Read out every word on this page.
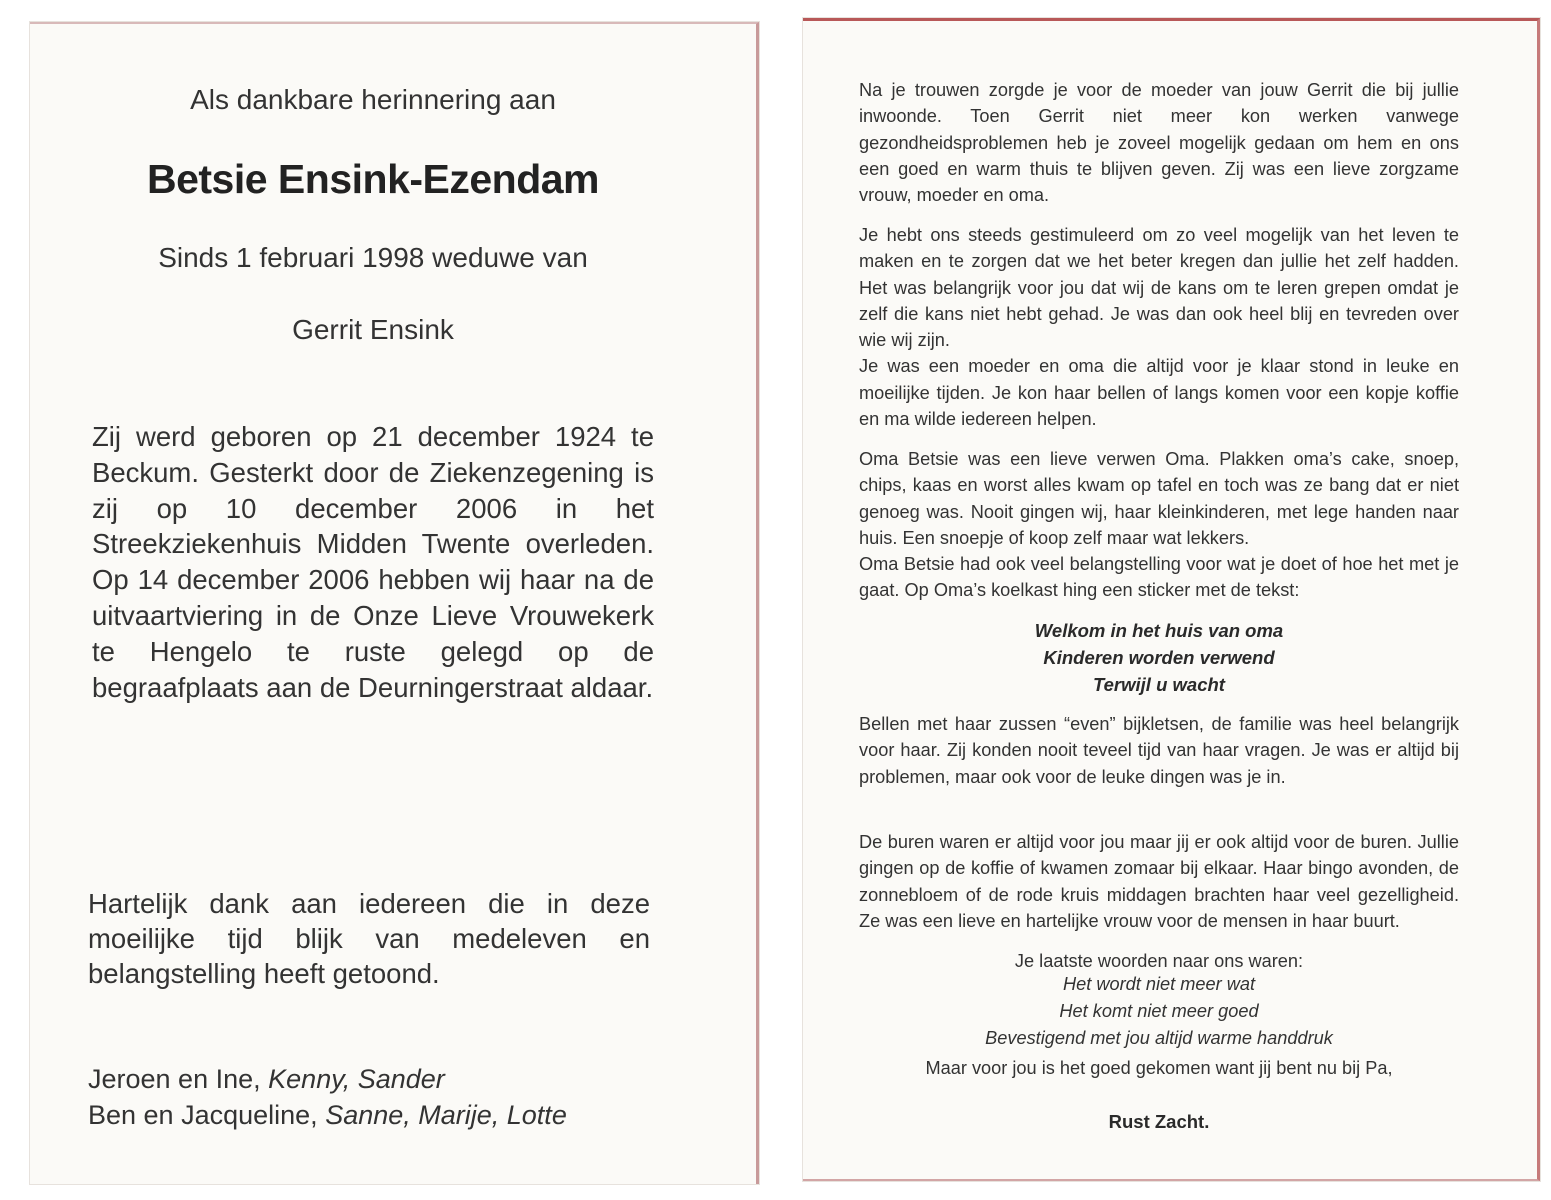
Als dankbare herinnering aan
Betsie Ensink-Ezendam
Sinds 1 februari 1998 weduwe van
Gerrit Ensink
Zij werd geboren op 21 december 1924 te Beckum. Gesterkt door de Ziekenzegening is zij op 10 december 2006 in het Streekziekenhuis Midden Twente overleden. Op 14 december 2006 hebben wij haar na de uitvaartviering in de Onze Lieve Vrouwekerk te Hengelo te ruste gelegd op de begraafplaats aan de Deurningerstraat aldaar.
Hartelijk dank aan iedereen die in deze moeilijke tijd blijk van medeleven en belangstelling heeft getoond.
Jeroen en Ine, Kenny, Sander
Ben en Jacqueline, Sanne, Marije, Lotte
Na je trouwen zorgde je voor de moeder van jouw Gerrit die bij jullie inwoonde. Toen Gerrit niet meer kon werken vanwege gezondheidsproblemen heb je zoveel mogelijk gedaan om hem en ons een goed en warm thuis te blijven geven. Zij was een lieve zorgzame vrouw, moeder en oma.
Je hebt ons steeds gestimuleerd om zo veel mogelijk van het leven te maken en te zorgen dat we het beter kregen dan jullie het zelf hadden. Het was belangrijk voor jou dat wij de kans om te leren grepen omdat je zelf die kans niet hebt gehad. Je was dan ook heel blij en tevreden over wie wij zijn.
Je was een moeder en oma die altijd voor je klaar stond in leuke en moeilijke tijden. Je kon haar bellen of langs komen voor een kopje koffie en ma wilde iedereen helpen.
Oma Betsie was een lieve verwen Oma. Plakken oma’s cake, snoep, chips, kaas en worst alles kwam op tafel en toch was ze bang dat er niet genoeg was. Nooit gingen wij, haar kleinkinderen, met lege handen naar huis. Een snoepje of koop zelf maar wat lekkers.
Oma Betsie had ook veel belangstelling voor wat je doet of hoe het met je gaat. Op Oma’s koelkast hing een sticker met de tekst:
Welkom in het huis van oma
Kinderen worden verwend
Terwijl u wacht
Bellen met haar zussen “even” bijkletsen, de familie was heel belangrijk voor haar. Zij konden nooit teveel tijd van haar vragen. Je was er altijd bij problemen, maar ook voor de leuke dingen was je in.
De buren waren er altijd voor jou maar jij er ook altijd voor de buren. Jullie gingen op de koffie of kwamen zomaar bij elkaar. Haar bingo avonden, de zonnebloem of de rode kruis middagen brachten haar veel gezelligheid. Ze was een lieve en hartelijke vrouw voor de mensen in haar buurt.
Je laatste woorden naar ons waren:
Het wordt niet meer wat
Het komt niet meer goed
Bevestigend met jou altijd warme handdruk
Maar voor jou is het goed gekomen want jij bent nu bij Pa,
Rust Zacht.
